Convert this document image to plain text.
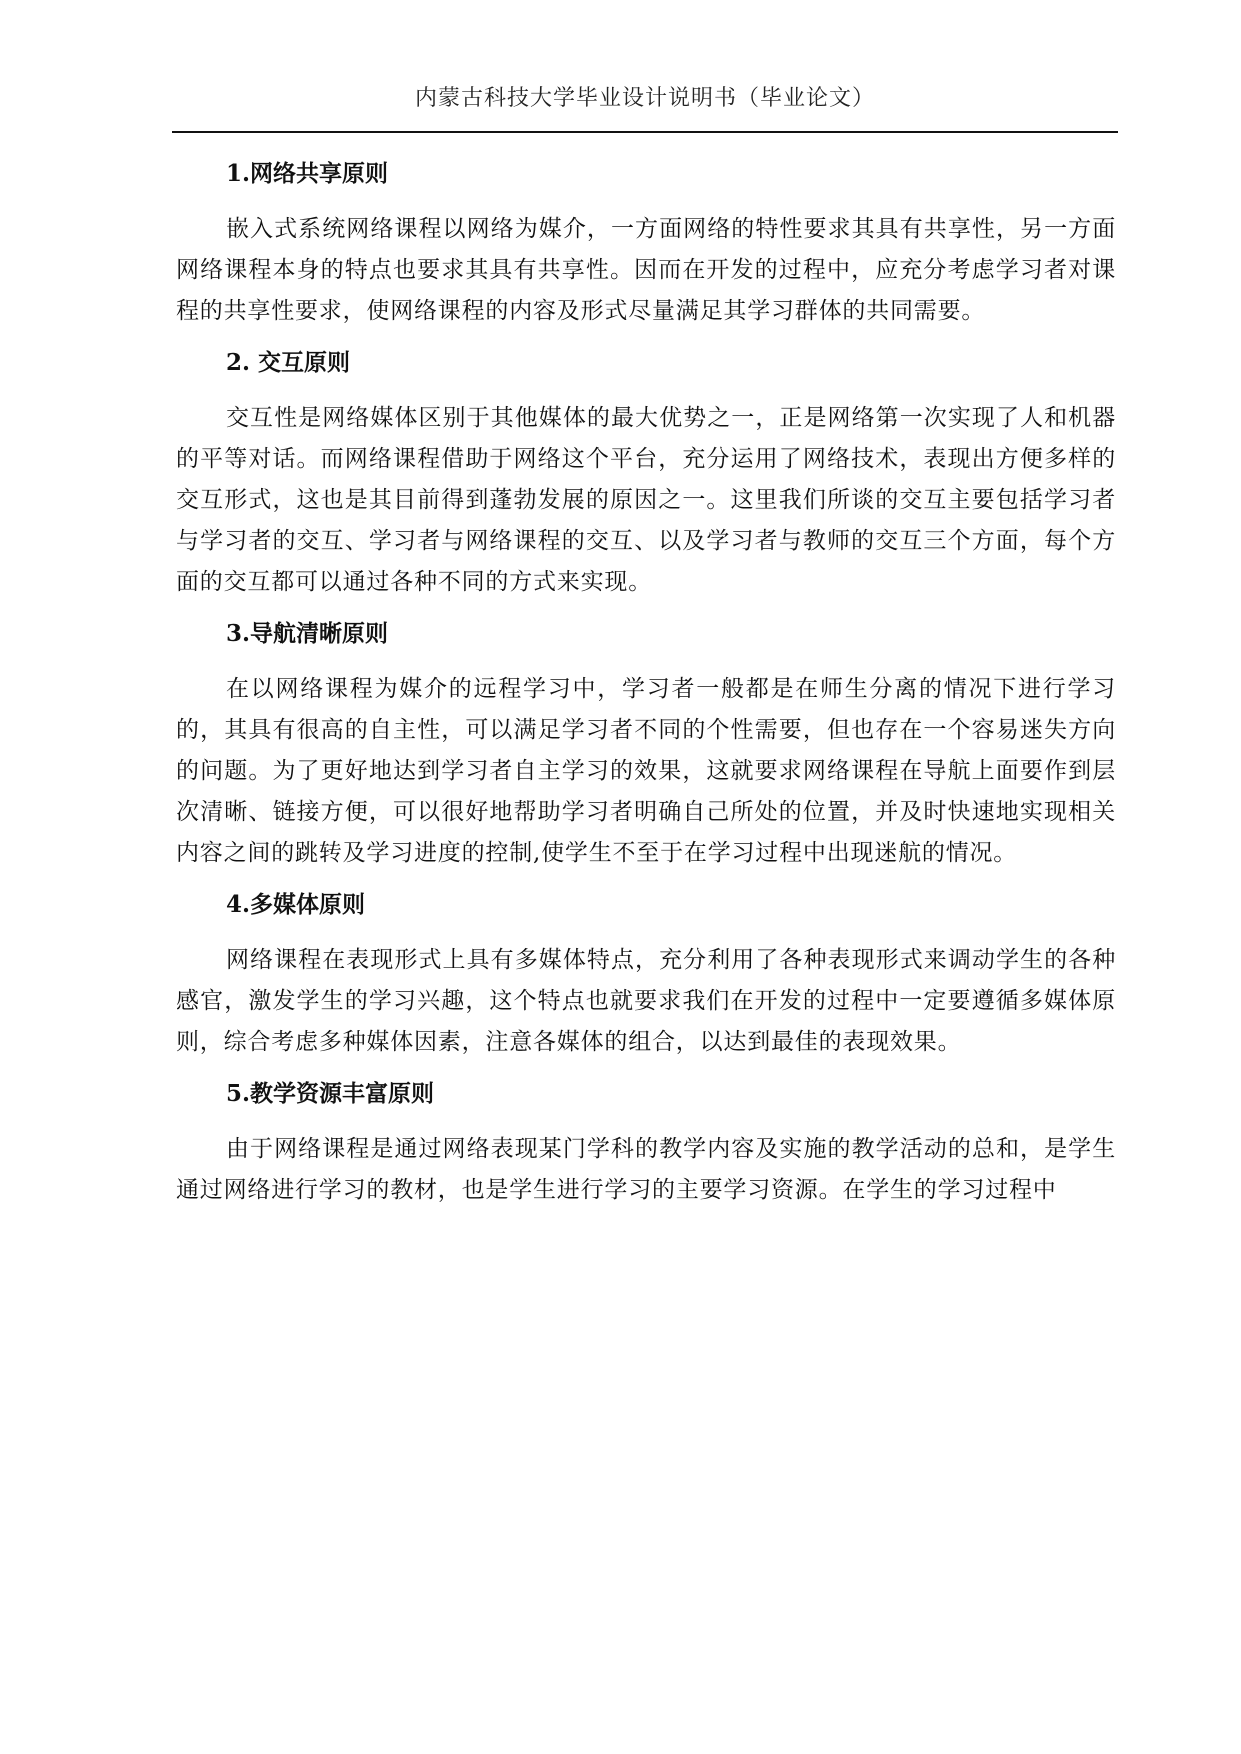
内蒙古科技大学毕业设计说明书（毕业论文）
1.网络共享原则

嵌入式系统网络课程以网络为媒介，一方面网络的特性要求其具有共享性，另一方面网络课程本身的特点也要求其具有共享性。因而在开发的过程中，应充分考虑学习者对课程的共享性要求，使网络课程的内容及形式尽量满足其学习群体的共同需要。

2. 交互原则

交互性是网络媒体区别于其他媒体的最大优势之一，正是网络第一次实现了人和机器的平等对话。而网络课程借助于网络这个平台，充分运用了网络技术，表现出方便多样的交互形式，这也是其目前得到蓬勃发展的原因之一。这里我们所谈的交互主要包括学习者与学习者的交互、学习者与网络课程的交互、以及学习者与教师的交互三个方面，每个方面的交互都可以通过各种不同的方式来实现。

3.导航清晰原则

在以网络课程为媒介的远程学习中，学习者一般都是在师生分离的情况下进行学习的，其具有很高的自主性，可以满足学习者不同的个性需要，但也存在一个容易迷失方向的问题。为了更好地达到学习者自主学习的效果，这就要求网络课程在导航上面要作到层次清晰、链接方便，可以很好地帮助学习者明确自己所处的位置，并及时快速地实现相关内容之间的跳转及学习进度的控制,使学生不至于在学习过程中出现迷航的情况。

4.多媒体原则

网络课程在表现形式上具有多媒体特点，充分利用了各种表现形式来调动学生的各种感官，激发学生的学习兴趣，这个特点也就要求我们在开发的过程中一定要遵循多媒体原则，综合考虑多种媒体因素，注意各媒体的组合，以达到最佳的表现效果。

5.教学资源丰富原则

由于网络课程是通过网络表现某门学科的教学内容及实施的教学活动的总和，是学生通过网络进行学习的教材，也是学生进行学习的主要学习资源。在学生的学习过程中
